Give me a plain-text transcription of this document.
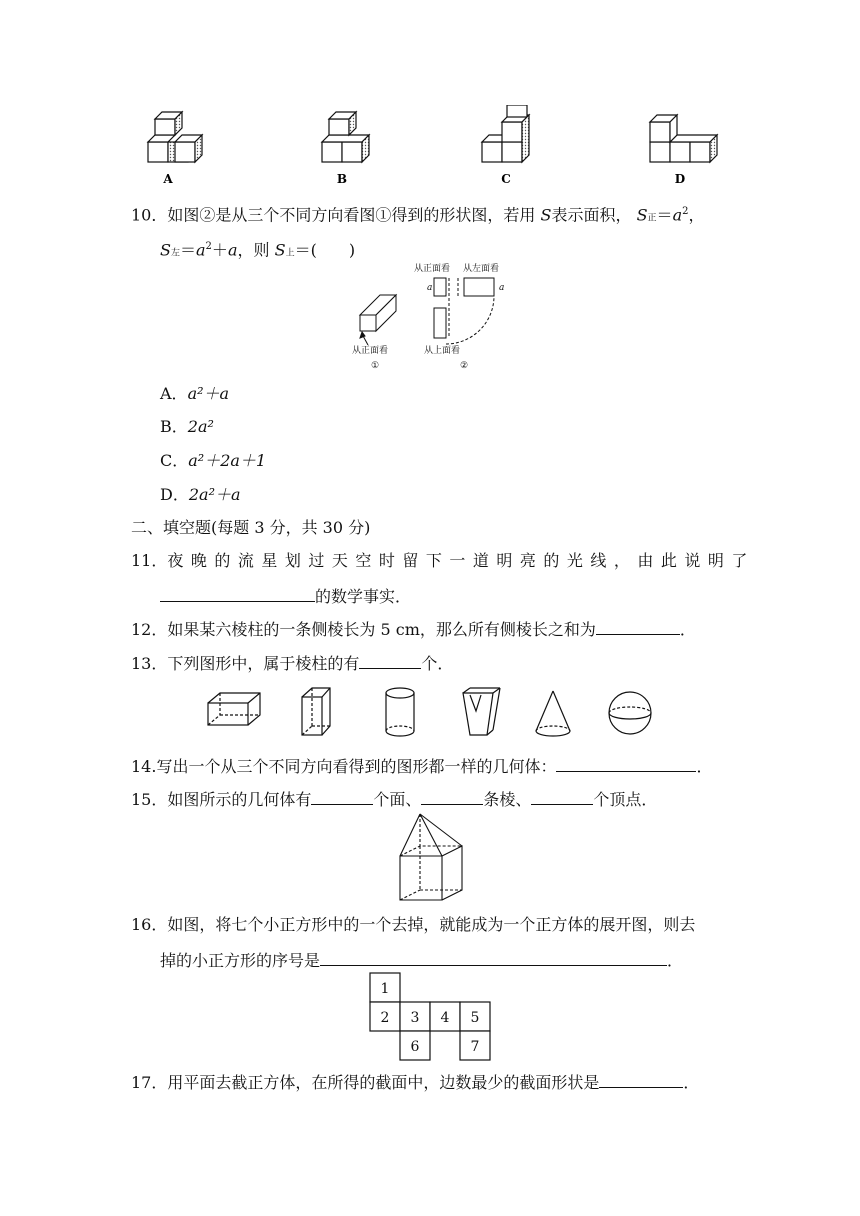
A	B	C	D
10．如图②是从三个不同方向看图①得到的形状图，若用 S表示面积， S正$=a^2$，
S左$=a^2+a$，则 S上＝(　　)
从正面看 从左面看
从上面看
从正面看
①	②
a	a
A．a²＋a
B．2a²
C．a²＋2a＋1
D．2a²＋a
二、填空题(每题 3 分，共 30 分)
11．夜晚的流星划过天空时留下一道明亮的光线，由此说明了
的数学事实．
12．如果某六棱柱的一条侧棱长为 5 cm，那么所有侧棱长之和为	．
13．下列图形中，属于棱柱的有	个．
14.写出一个从三个不同方向看得到的图形都一样的几何体：	．
15．如图所示的几何体有	个面、	条棱、	个顶点．
16．如图，将七个小正方形中的一个去掉，就能成为一个正方体的展开图，则去
掉的小正方形的序号是	．
1
2 3 4 5
6	7
17．用平面去截正方体，在所得的截面中，边数最少的截面形状是	．
